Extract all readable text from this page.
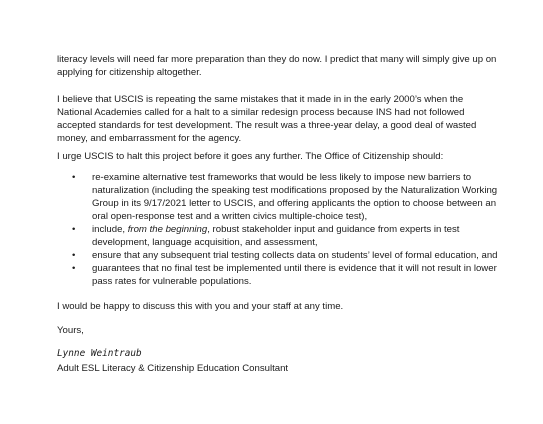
literacy levels will need far more preparation than they do now. I predict that many will simply give up on applying for citizenship altogether.

I believe that USCIS is repeating the same mistakes that it made in in the early 2000’s when the National Academies called for a halt to a similar redesign process because INS had not followed accepted standards for test development. The result was a three-year delay, a good deal of wasted money, and embarrassment for the agency.

I urge USCIS to halt this project before it goes any further. The Office of Citizenship should:

• re-examine alternative test frameworks that would be less likely to impose new barriers to naturalization (including the speaking test modifications proposed by the Naturalization Working Group in its 9/17/2021 letter to USCIS, and offering applicants the option to choose between an oral open-response test and a written civics multiple-choice test),
• include, from the beginning, robust stakeholder input and guidance from experts in test development, language acquisition, and assessment,
• ensure that any subsequent trial testing collects data on students’ level of formal education, and
• guarantees that no final test be implemented until there is evidence that it will not result in lower pass rates for vulnerable populations.

I would be happy to discuss this with you and your staff at any time.

Yours,

Lynne Weintraub

Adult ESL Literacy & Citizenship Education Consultant
